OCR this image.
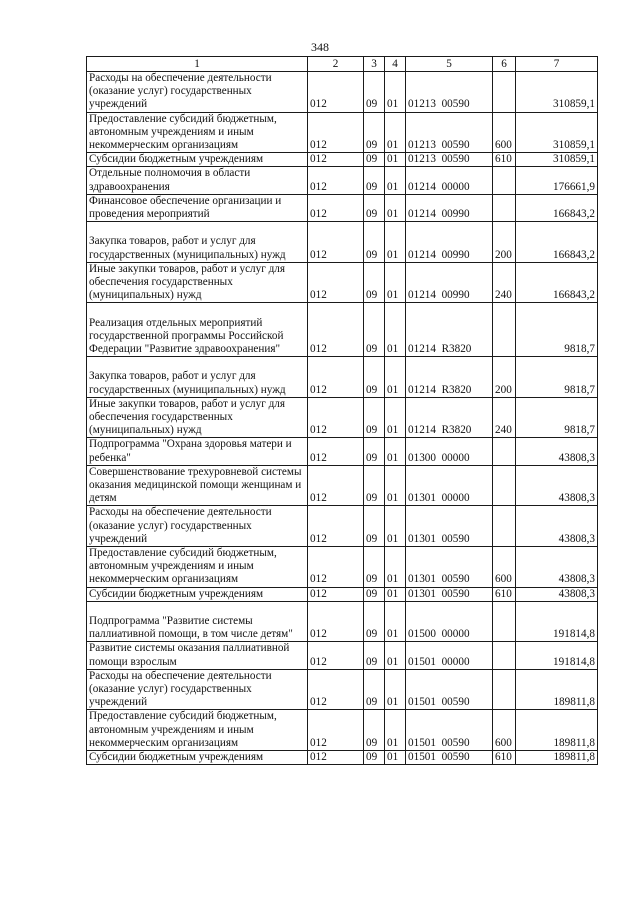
348
1	2	3	4	5	6	7
Расходы на обеспечение деятельности (оказание услуг) государственных учреждений	012	09	01	01213  00590		310859,1
Предоставление субсидий бюджетным, автономным учреждениям и иным некоммерческим организациям	012	09	01	01213  00590	600	310859,1
Субсидии бюджетным учреждениям	012	09	01	01213  00590	610	310859,1
Отдельные полномочия в области здравоохранения	012	09	01	01214  00000		176661,9
Финансовое обеспечение организации и проведения мероприятий	012	09	01	01214  00990		166843,2
Закупка товаров, работ и услуг для государственных (муниципальных) нужд	012	09	01	01214  00990	200	166843,2
Иные закупки товаров, работ и услуг для обеспечения государственных (муниципальных) нужд	012	09	01	01214  00990	240	166843,2
Реализация отдельных мероприятий государственной программы Российской Федерации "Развитие здравоохранения"	012	09	01	01214  R3820		9818,7
Закупка товаров, работ и услуг для государственных (муниципальных) нужд	012	09	01	01214  R3820	200	9818,7
Иные закупки товаров, работ и услуг для обеспечения государственных (муниципальных) нужд	012	09	01	01214  R3820	240	9818,7
Подпрограмма "Охрана здоровья матери и ребенка"	012	09	01	01300  00000		43808,3
Совершенствование трехуровневой системы оказания медицинской помощи женщинам и детям	012	09	01	01301  00000		43808,3
Расходы на обеспечение деятельности (оказание услуг) государственных учреждений	012	09	01	01301  00590		43808,3
Предоставление субсидий бюджетным, автономным учреждениям и иным некоммерческим организациям	012	09	01	01301  00590	600	43808,3
Субсидии бюджетным учреждениям	012	09	01	01301  00590	610	43808,3
Подпрограмма "Развитие системы паллиативной помощи, в том числе детям"	012	09	01	01500  00000		191814,8
Развитие системы оказания паллиативной помощи взрослым	012	09	01	01501  00000		191814,8
Расходы на обеспечение деятельности (оказание услуг) государственных учреждений	012	09	01	01501  00590		189811,8
Предоставление субсидий бюджетным, автономным учреждениям и иным некоммерческим организациям	012	09	01	01501  00590	600	189811,8
Субсидии бюджетным учреждениям	012	09	01	01501  00590	610	189811,8
